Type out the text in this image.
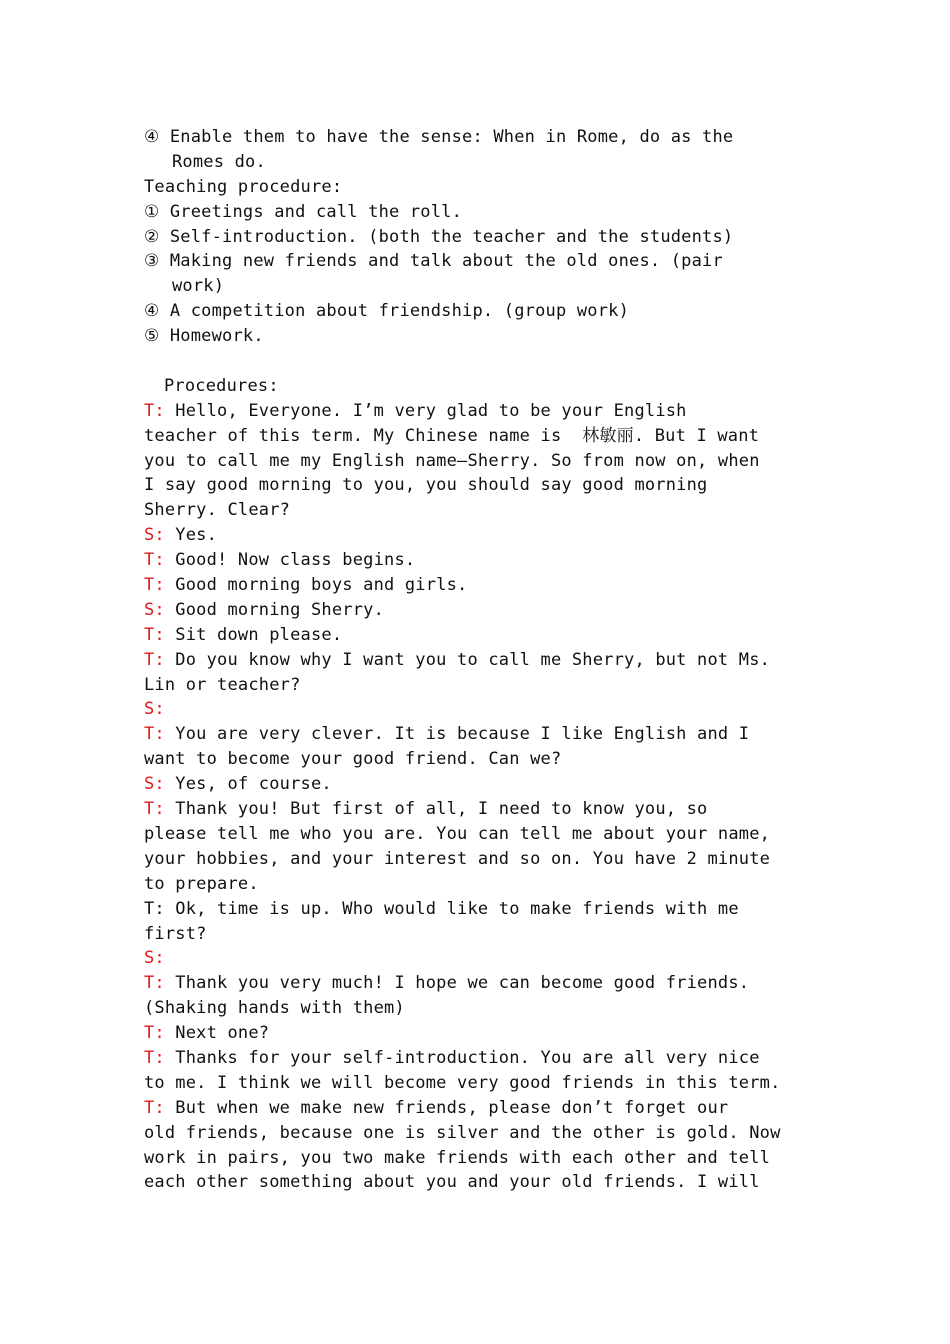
④ Enable them to have the sense: When in Rome, do as the
Romes do.
Teaching procedure:
① Greetings and call the roll.
② Self-introduction. (both the teacher and the students)
③ Making new friends and talk about the old ones. (pair
work)
④ A competition about friendship. (group work)
⑤ Homework.
Procedures:
T: Hello, Everyone. I’m very glad to be your English
teacher of this term. My Chinese name is  林敏丽. But I want
you to call me my English name—Sherry. So from now on, when
I say good morning to you, you should say good morning
Sherry. Clear?
S: Yes.
T: Good! Now class begins.
T: Good morning boys and girls.
S: Good morning Sherry.
T: Sit down please.
T: Do you know why I want you to call me Sherry, but not Ms.
Lin or teacher?
S:
T: You are very clever. It is because I like English and I
want to become your good friend. Can we?
S: Yes, of course.
T: Thank you! But first of all, I need to know you, so
please tell me who you are. You can tell me about your name,
your hobbies, and your interest and so on. You have 2 minute
to prepare.
T: Ok, time is up. Who would like to make friends with me
first?
S:
T: Thank you very much! I hope we can become good friends.
(Shaking hands with them)
T: Next one?
T: Thanks for your self-introduction. You are all very nice
to me. I think we will become very good friends in this term.
T: But when we make new friends, please don’t forget our
old friends, because one is silver and the other is gold. Now
work in pairs, you two make friends with each other and tell
each other something about you and your old friends. I will
